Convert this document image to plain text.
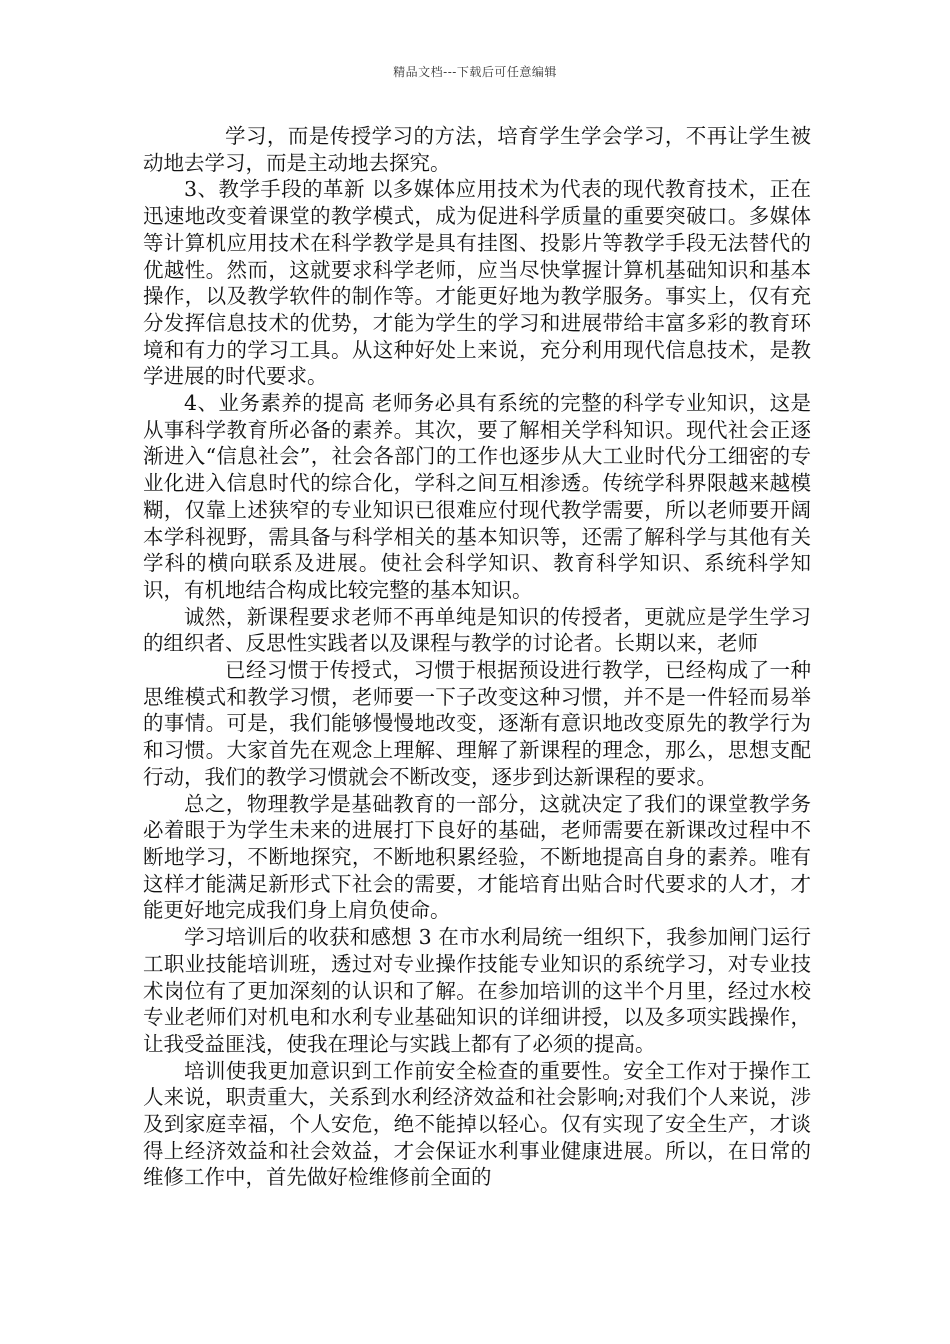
精品文档---下载后可任意编辑

学习，而是传授学习的方法，培育学生学会学习，不再让学生被动地去学习，而是主动地去探究。

3、教学手段的革新 以多媒体应用技术为代表的现代教育技术，正在迅速地改变着课堂的教学模式，成为促进科学质量的重要突破口。多媒体等计算机应用技术在科学教学是具有挂图、投影片等教学手段无法替代的优越性。然而，这就要求科学老师，应当尽快掌握计算机基础知识和基本操作，以及教学软件的制作等。才能更好地为教学服务。事实上，仅有充分发挥信息技术的优势，才能为学生的学习和进展带给丰富多彩的教育环境和有力的学习工具。从这种好处上来说，充分利用现代信息技术，是教学进展的时代要求。

4、业务素养的提高 老师务必具有系统的完整的科学专业知识，这是从事科学教育所必备的素养。其次，要了解相关学科知识。现代社会正逐渐进入“信息社会”，社会各部门的工作也逐步从大工业时代分工细密的专业化进入信息时代的综合化，学科之间互相渗透。传统学科界限越来越模糊，仅靠上述狭窄的专业知识已很难应付现代教学需要，所以老师要开阔本学科视野，需具备与科学相关的基本知识等，还需了解科学与其他有关学科的横向联系及进展。使社会科学知识、教育科学知识、系统科学知识，有机地结合构成比较完整的基本知识。

诚然，新课程要求老师不再单纯是知识的传授者，更就应是学生学习的组织者、反思性实践者以及课程与教学的讨论者。长期以来，老师

已经习惯于传授式，习惯于根据预设进行教学，已经构成了一种思维模式和教学习惯，老师要一下子改变这种习惯，并不是一件轻而易举的事情。可是，我们能够慢慢地改变，逐渐有意识地改变原先的教学行为和习惯。大家首先在观念上理解、理解了新课程的理念，那么，思想支配行动，我们的教学习惯就会不断改变，逐步到达新课程的要求。

总之，物理教学是基础教育的一部分，这就决定了我们的课堂教学务必着眼于为学生未来的进展打下良好的基础，老师需要在新课改过程中不断地学习，不断地探究，不断地积累经验，不断地提高自身的素养。唯有这样才能满足新形式下社会的需要，才能培育出贴合时代要求的人才，才能更好地完成我们身上肩负使命。

学习培训后的收获和感想 3 在市水利局统一组织下，我参加闸门运行工职业技能培训班，透过对专业操作技能专业知识的系统学习，对专业技术岗位有了更加深刻的认识和了解。在参加培训的这半个月里，经过水校专业老师们对机电和水利专业基础知识的详细讲授，以及多项实践操作，让我受益匪浅，使我在理论与实践上都有了必须的提高。

培训使我更加意识到工作前安全检查的重要性。安全工作对于操作工人来说，职责重大，关系到水利经济效益和社会影响;对我们个人来说，涉及到家庭幸福，个人安危，绝不能掉以轻心。仅有实现了安全生产，才谈得上经济效益和社会效益，才会保证水利事业健康进展。所以，在日常的维修工作中，首先做好检维修前全面的
